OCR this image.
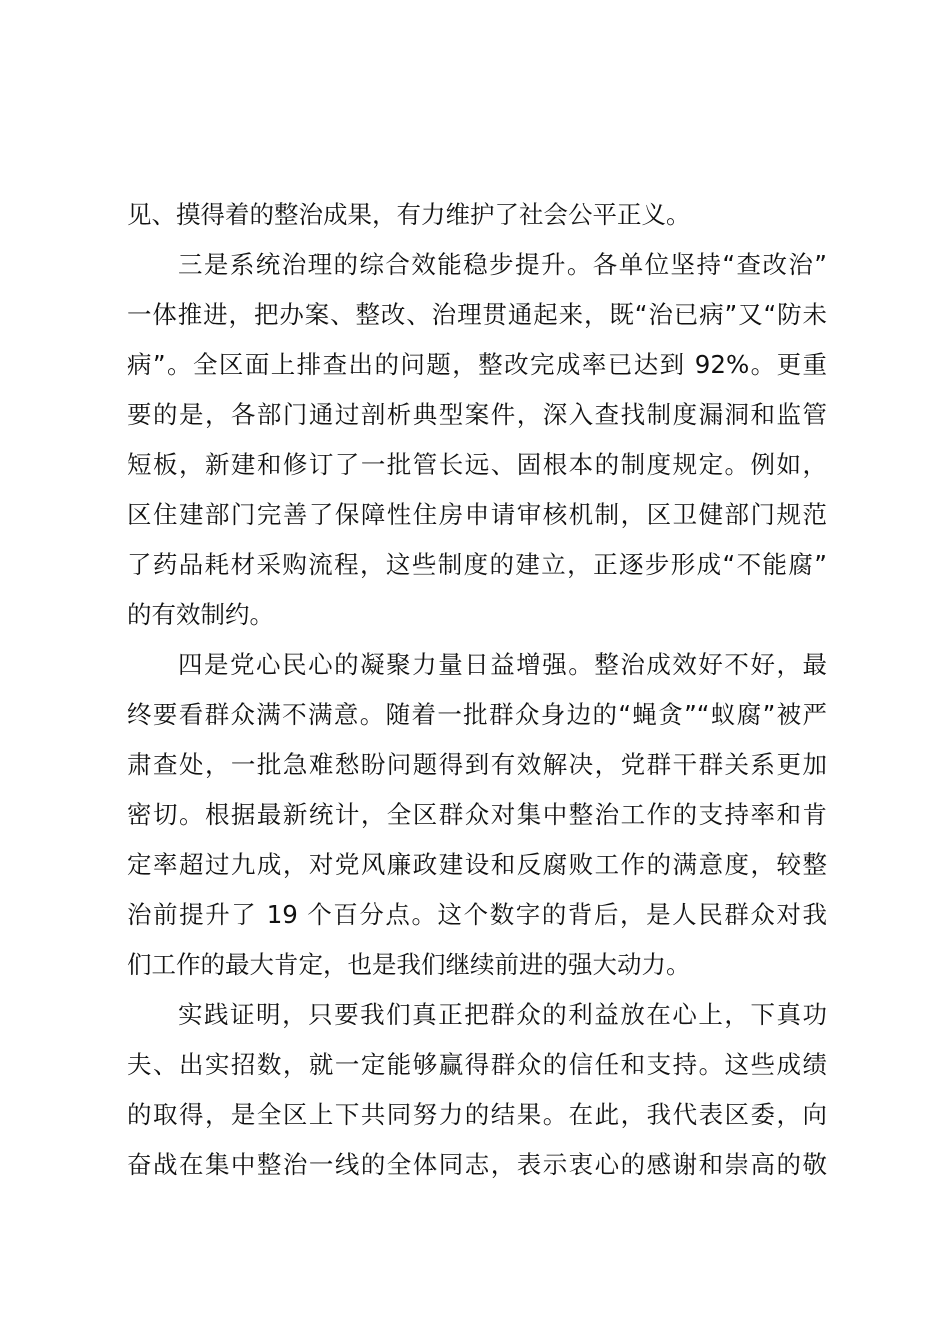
见、摸得着的整治成果，有力维护了社会公平正义。
三是系统治理的综合效能稳步提升。各单位坚持“查改治”
一体推进，把办案、整改、治理贯通起来，既“治已病”又“防未
病”。全区面上排查出的问题，整改完成率已达到 92%。更重
要的是，各部门通过剖析典型案件，深入查找制度漏洞和监管
短板，新建和修订了一批管长远、固根本的制度规定。例如，
区住建部门完善了保障性住房申请审核机制，区卫健部门规范
了药品耗材采购流程，这些制度的建立，正逐步形成“不能腐”
的有效制约。
四是党心民心的凝聚力量日益增强。整治成效好不好，最
终要看群众满不满意。随着一批群众身边的“蝇贪”“蚁腐”被严
肃查处，一批急难愁盼问题得到有效解决，党群干群关系更加
密切。根据最新统计，全区群众对集中整治工作的支持率和肯
定率超过九成，对党风廉政建设和反腐败工作的满意度，较整
治前提升了 19 个百分点。这个数字的背后，是人民群众对我
们工作的最大肯定，也是我们继续前进的强大动力。
实践证明，只要我们真正把群众的利益放在心上，下真功
夫、出实招数，就一定能够赢得群众的信任和支持。这些成绩
的取得，是全区上下共同努力的结果。在此，我代表区委，向
奋战在集中整治一线的全体同志，表示衷心的感谢和崇高的敬
